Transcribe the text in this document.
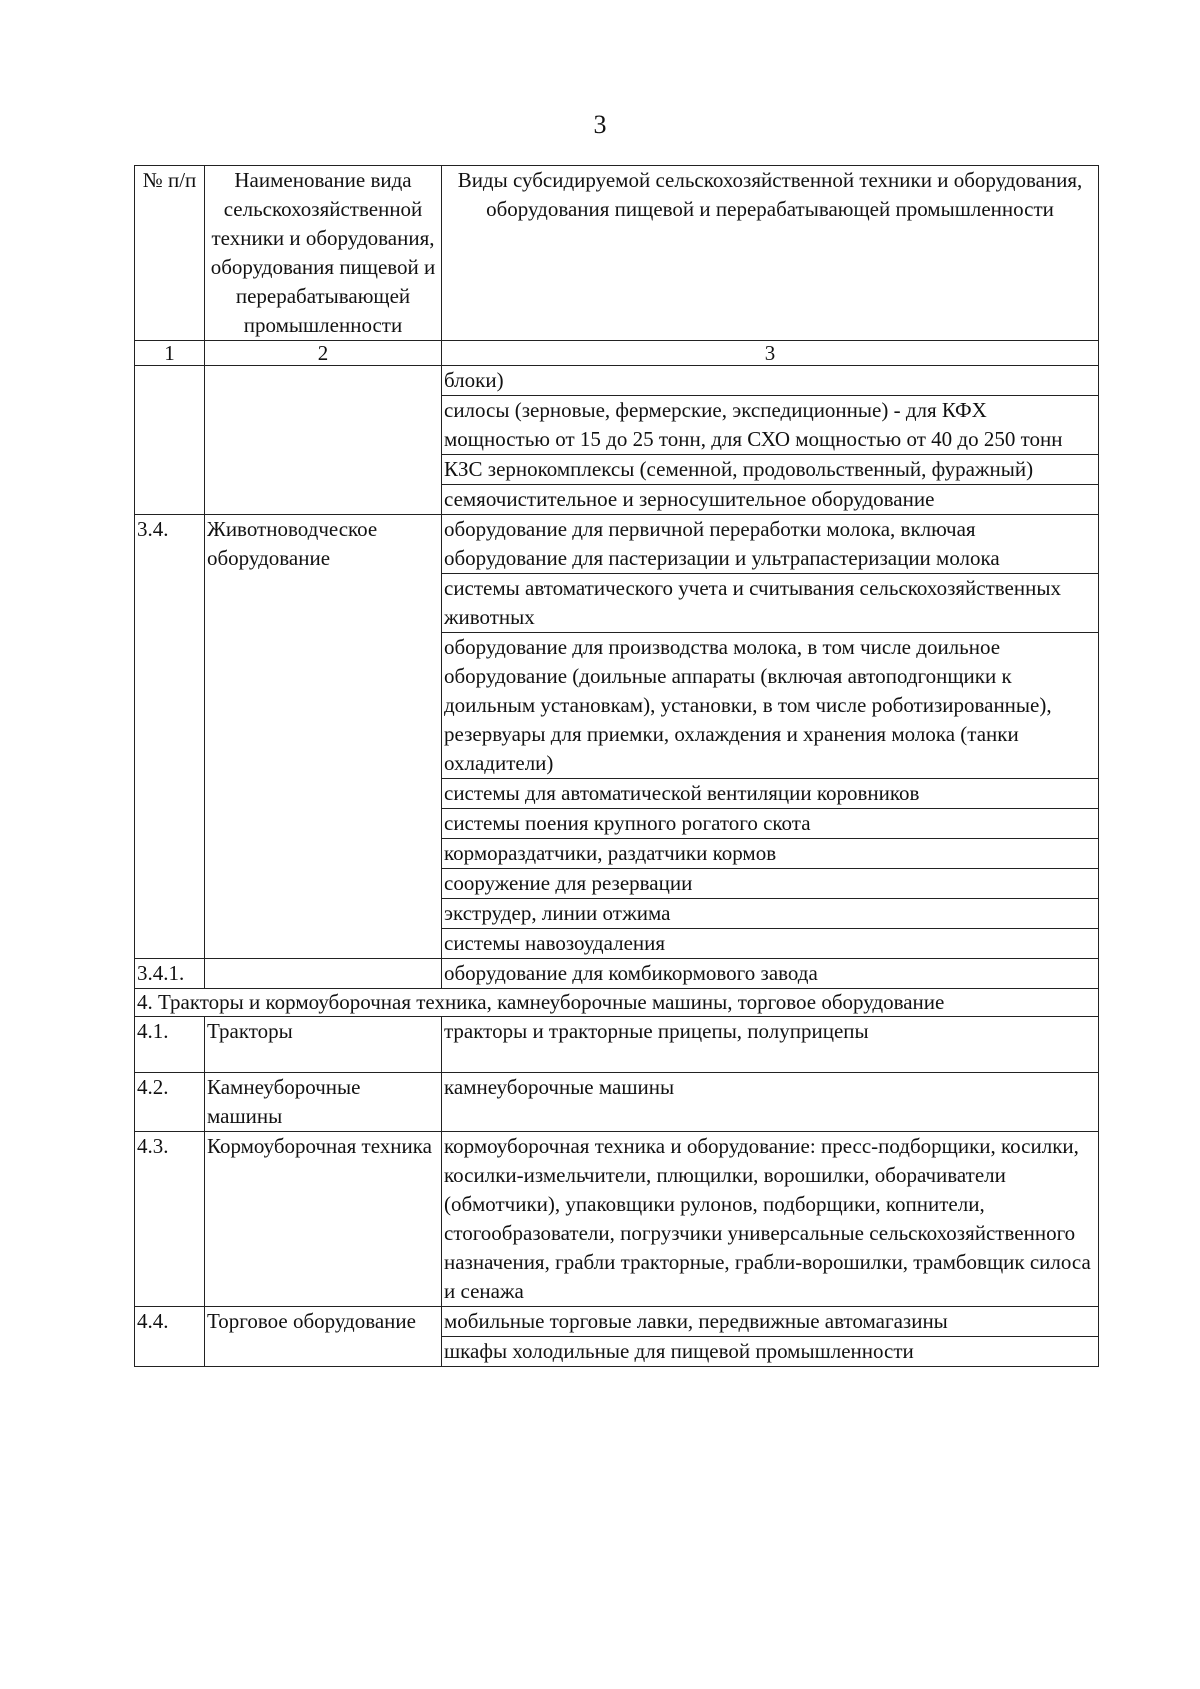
3
№ п/п	Наименование вида сельскохозяйственной техники и оборудования, оборудования пищевой и перерабатывающей промышленности	Виды субсидируемой сельскохозяйственной техники и оборудования, оборудования пищевой и перерабатывающей промышленности
1	2	3
		блоки)
		силосы (зерновые, фермерские, экспедиционные) - для КФХ мощностью от 15 до 25 тонн, для СХО мощностью от 40 до 250 тонн
		КЗС зернокомплексы (семенной, продовольственный, фуражный)
		семяочистительное и зерносушительное оборудование
3.4.	Животноводческое оборудование	оборудование для первичной переработки молока, включая оборудование для пастеризации и ультрапастеризации молока
		системы автоматического учета и считывания сельскохозяйственных животных
		оборудование для производства молока, в том числе доильное оборудование (доильные аппараты (включая автоподгонщики к доильным установкам), установки, в том числе роботизированные), резервуары для приемки, охлаждения и хранения молока (танки охладители)
		системы для автоматической вентиляции коровников
		системы поения крупного рогатого скота
		кормораздатчики, раздатчики кормов
		сооружение для резервации
		экструдер, линии отжима
		системы навозоудаления
3.4.1.		оборудование для комбикормового завода
4. Тракторы и кормоуборочная техника, камнеуборочные машины, торговое оборудование		
4.1.	Тракторы	тракторы и тракторные прицепы, полуприцепы
4.2.	Камнеуборочные машины	камнеуборочные машины
4.3.	Кормоуборочная техника	кормоуборочная техника и оборудование: пресс-подборщики, косилки, косилки-измельчители, плющилки, ворошилки, оборачиватели (обмотчики), упаковщики рулонов, подборщики, копнители, стогообразователи, погрузчики универсальные сельскохозяйственного назначения, грабли тракторные, грабли-ворошилки, трамбовщик силоса и сенажа
4.4.	Торговое оборудование	мобильные торговые лавки, передвижные автомагазины
		шкафы холодильные для пищевой промышленности
